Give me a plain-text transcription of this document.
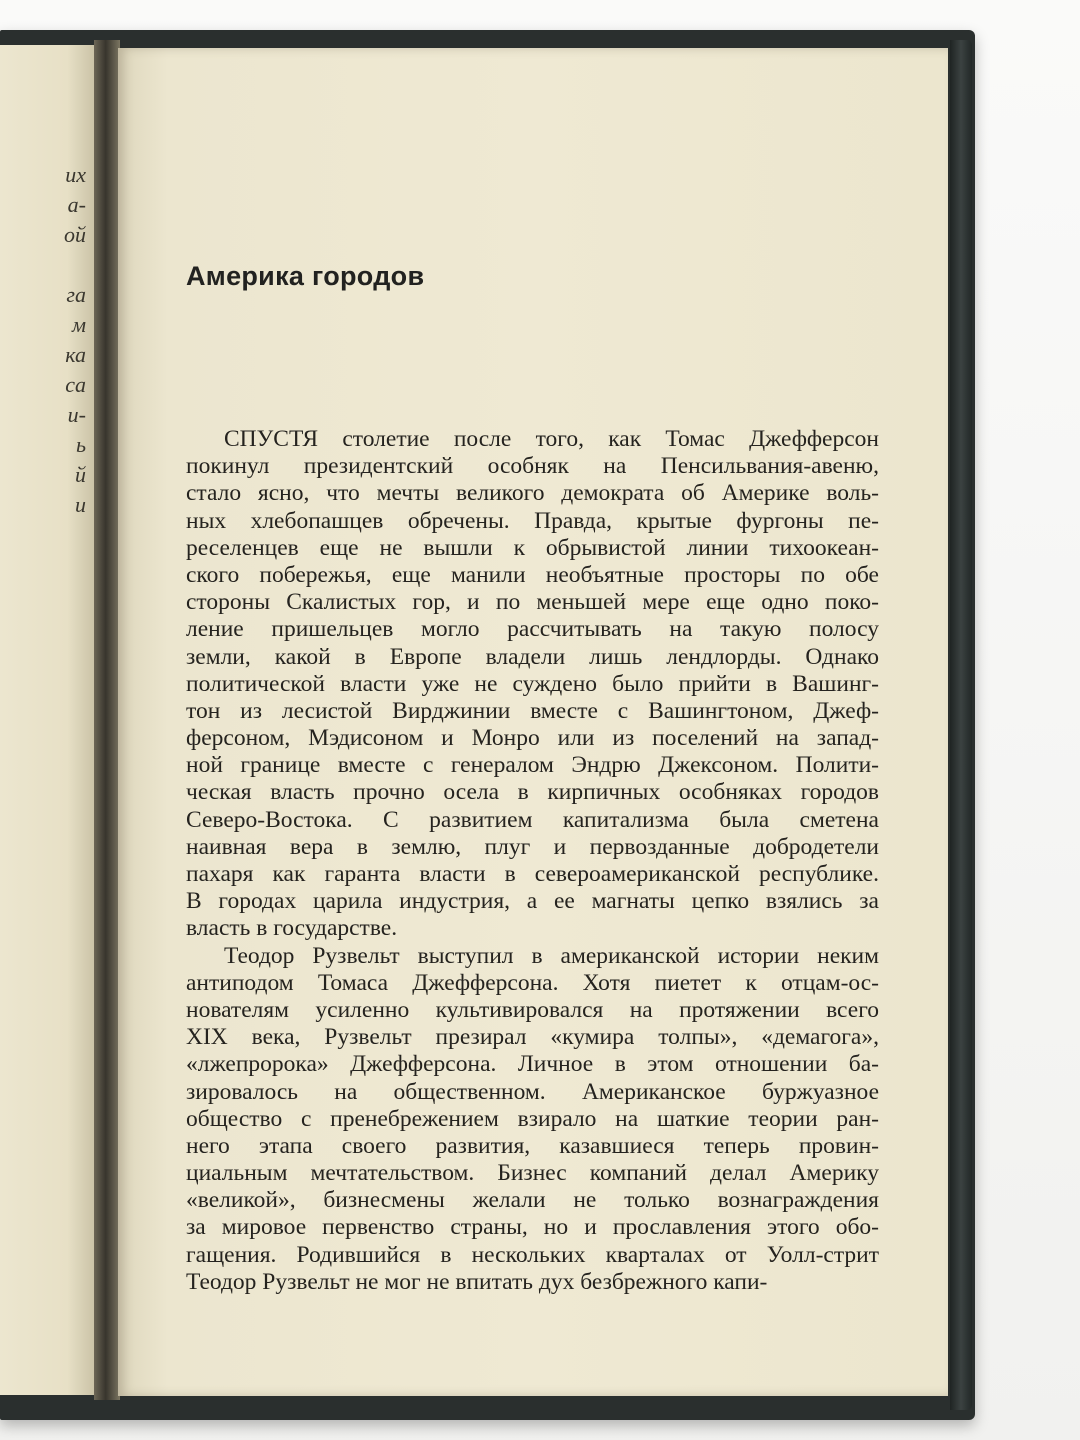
их
а-
ой
га
м
ка
ca
и-
ь
й
и
Америка городов
СПУСТЯ столетие после того, как Томас Джефферсон
покинул президентский особняк на Пенсильвания-авеню,
стало ясно, что мечты великого демократа об Америке воль-
ных хлебопашцев обречены. Правда, крытые фургоны пе-
реселенцев еще не вышли к обрывистой линии тихоокеан-
ского побережья, еще манили необъятные просторы по обе
стороны Скалистых гор, и по меньшей мере еще одно поко-
ление пришельцев могло рассчитывать на такую полосу
земли, какой в Европе владели лишь лендлорды. Однако
политической власти уже не суждено было прийти в Вашинг-
тон из лесистой Вирджинии вместе с Вашингтоном, Джеф-
ферсоном, Мэдисоном и Монро или из поселений на запад-
ной границе вместе с генералом Эндрю Джексоном. Полити-
ческая власть прочно осела в кирпичных особняках городов
Северо-Востока. С развитием капитализма была сметена
наивная вера в землю, плуг и первозданные добродетели
пахаря как гаранта власти в североамериканской республике.
В городах царила индустрия, а ее магнаты цепко взялись за
власть в государстве.
Теодор Рузвельт выступил в американской истории неким
антиподом Томаса Джефферсона. Хотя пиетет к отцам-ос-
нователям усиленно культивировался на протяжении всего
XIX века, Рузвельт презирал «кумира толпы», «демагога»,
«лжепророка» Джефферсона. Личное в этом отношении ба-
зировалось на общественном. Американское буржуазное
общество с пренебрежением взирало на шаткие теории ран-
него этапа своего развития, казавшиеся теперь провин-
циальным мечтательством. Бизнес компаний делал Америку
«великой», бизнесмены желали не только вознаграждения
за мировое первенство страны, но и прославления этого обо-
гащения. Родившийся в нескольких кварталах от Уолл-стрит
Теодор Рузвельт не мог не впитать дух безбрежного капи-
